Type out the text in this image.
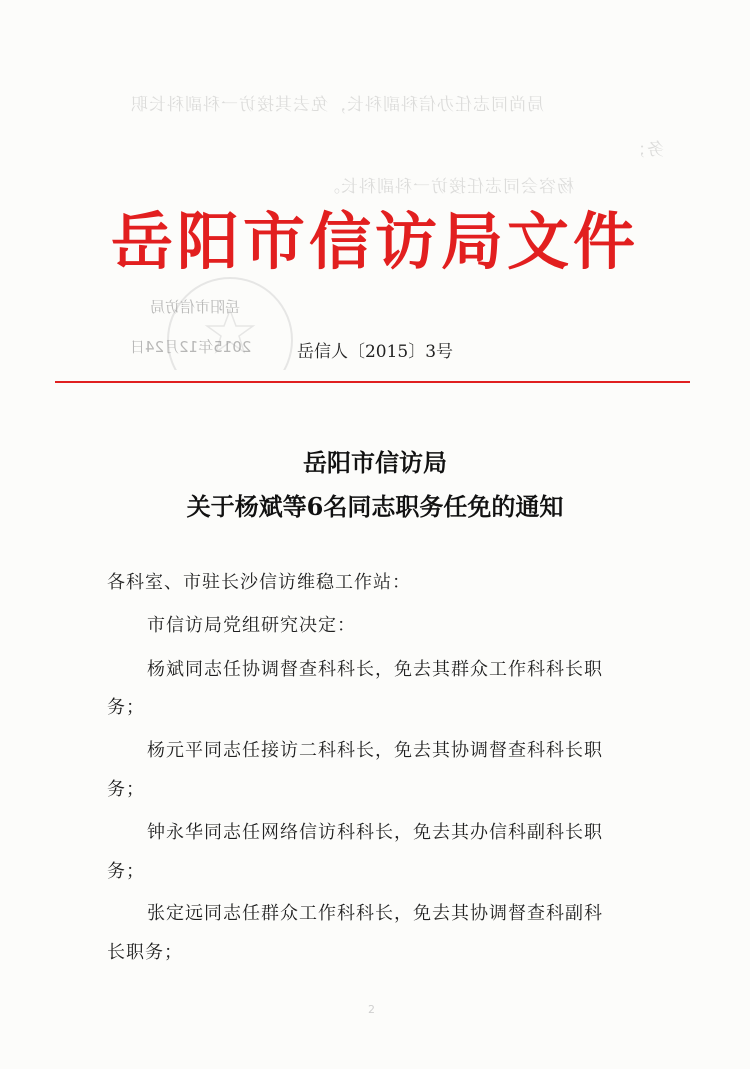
局尚同志任办信科副科长，免去其接访一科副科长职
务；
杨容会同志任接访一科副科长。
岳阳市信访局
2015年12月24日
岳阳市信访局文件
岳信人〔2015〕3号
岳阳市信访局
关于杨斌等6名同志职务任免的通知
各科室、市驻长沙信访维稳工作站：
市信访局党组研究决定：
杨斌同志任协调督查科科长，免去其群众工作科科长职
务；
杨元平同志任接访二科科长，免去其协调督查科科长职
务；
钟永华同志任网络信访科科长，免去其办信科副科长职
务；
张定远同志任群众工作科科长，免去其协调督查科副科
长职务；
2
